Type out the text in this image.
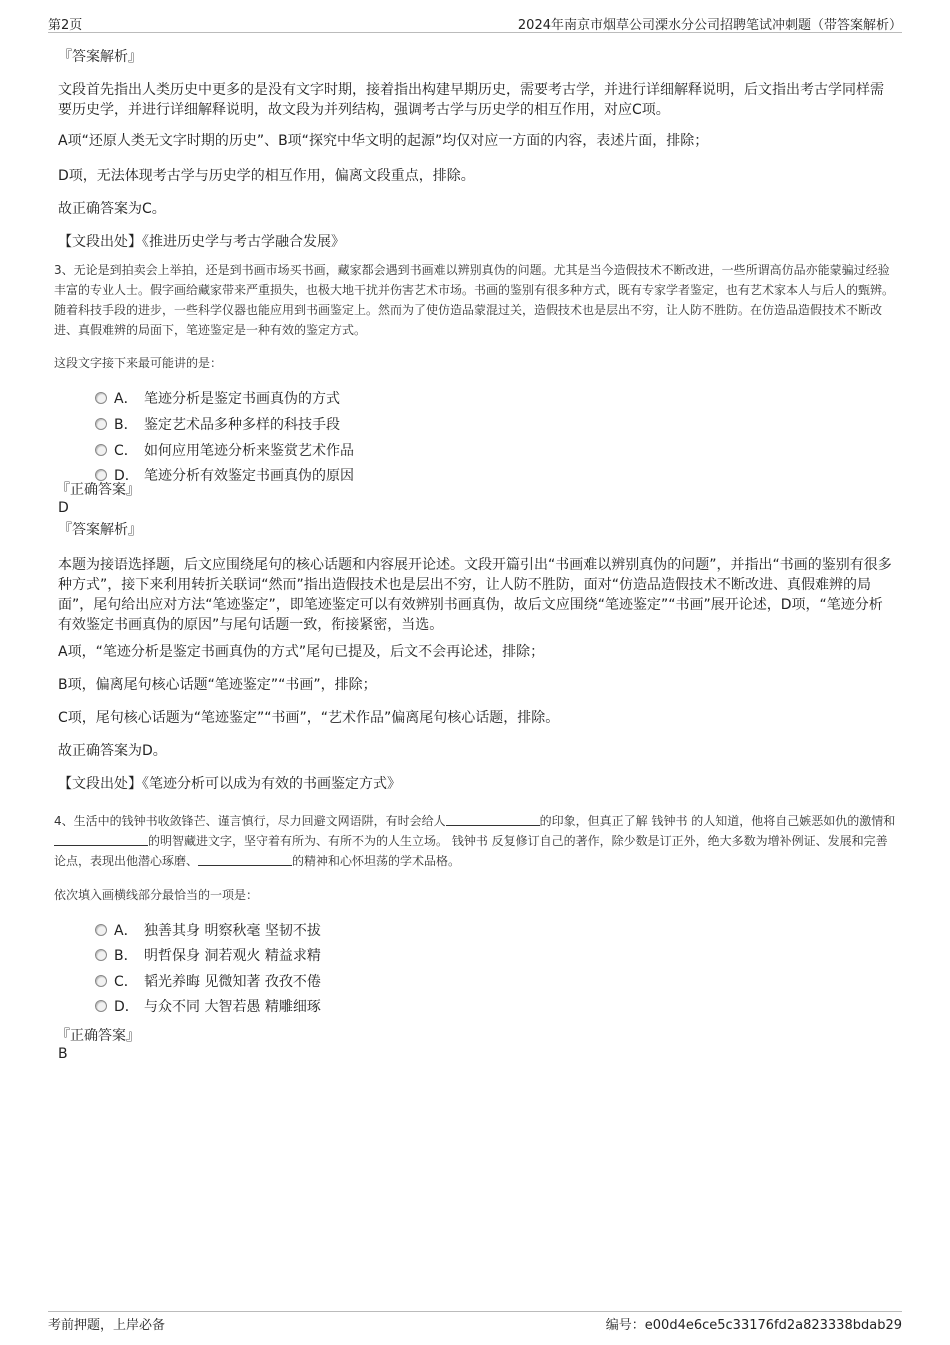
第2页	2024年南京市烟草公司溧水分公司招聘笔试冲刺题（带答案解析）
『答案解析』
文段首先指出人类历史中更多的是没有文字时期，接着指出构建早期历史，需要考古学，并进行详细解释说明，后文指出考古学同样需要历史学，并进行详细解释说明，故文段为并列结构，强调考古学与历史学的相互作用，对应C项。
A项“还原人类无文字时期的历史”、B项“探究中华文明的起源”均仅对应一方面的内容，表述片面，排除；
D项，无法体现考古学与历史学的相互作用，偏离文段重点，排除。
故正确答案为C。
【文段出处】《推进历史学与考古学融合发展》
3、无论是到拍卖会上举拍，还是到书画市场买书画，藏家都会遇到书画难以辨别真伪的问题。尤其是当今造假技术不断改进，一些所谓高仿品亦能蒙骗过经验丰富的专业人士。假字画给藏家带来严重损失，也极大地干扰并伤害艺术市场。书画的鉴别有很多种方式，既有专家学者鉴定，也有艺术家本人与后人的甄辨。随着科技手段的进步，一些科学仪器也能应用到书画鉴定上。然而为了使仿造品蒙混过关，造假技术也是层出不穷，让人防不胜防。在仿造品造假技术不断改进、真假难辨的局面下，笔迹鉴定是一种有效的鉴定方式。
这段文字接下来最可能讲的是：
A． 笔迹分析是鉴定书画真伪的方式
B． 鉴定艺术品多种多样的科技手段
C． 如何应用笔迹分析来鉴赏艺术作品
D． 笔迹分析有效鉴定书画真伪的原因
『正确答案』
D
『答案解析』
本题为接语选择题，后文应围绕尾句的核心话题和内容展开论述。文段开篇引出“书画难以辨别真伪的问题”，并指出“书画的鉴别有很多种方式”，接下来利用转折关联词“然而”指出造假技术也是层出不穷，让人防不胜防，面对“仿造品造假技术不断改进、真假难辨的局面”，尾句给出应对方法“笔迹鉴定”，即笔迹鉴定可以有效辨别书画真伪，故后文应围绕“笔迹鉴定”“书画”展开论述，D项，“笔迹分析有效鉴定书画真伪的原因”与尾句话题一致，衔接紧密，当选。
A项，“笔迹分析是鉴定书画真伪的方式”尾句已提及，后文不会再论述，排除；
B项，偏离尾句核心话题“笔迹鉴定”“书画”，排除；
C项，尾句核心话题为“笔迹鉴定”“书画”，“艺术作品”偏离尾句核心话题，排除。
故正确答案为D。
【文段出处】《笔迹分析可以成为有效的书画鉴定方式》
4、生活中的钱钟书收敛锋芒、谨言慎行，尽力回避文网语阱，有时会给人	的印象，但真正了解 钱钟书 的人知道，他将自己嫉恶如仇的激情和的明智藏进文字，坚守着有所为、有所不为的人生立场。 钱钟书 反复修订自己的著作，除少数是订正外，绝大多数为增补例证、发展和完善论点，表现出他潜心琢磨、	的精神和心怀坦荡的学术品格。
依次填入画横线部分最恰当的一项是：
A． 独善其身 明察秋毫 坚韧不拔
B． 明哲保身 洞若观火 精益求精
C． 韬光养晦 见微知著 孜孜不倦
D． 与众不同 大智若愚 精雕细琢
『正确答案』
B
考前押题，上岸必备	编号：e00d4e6ce5c33176fd2a823338bdab29
